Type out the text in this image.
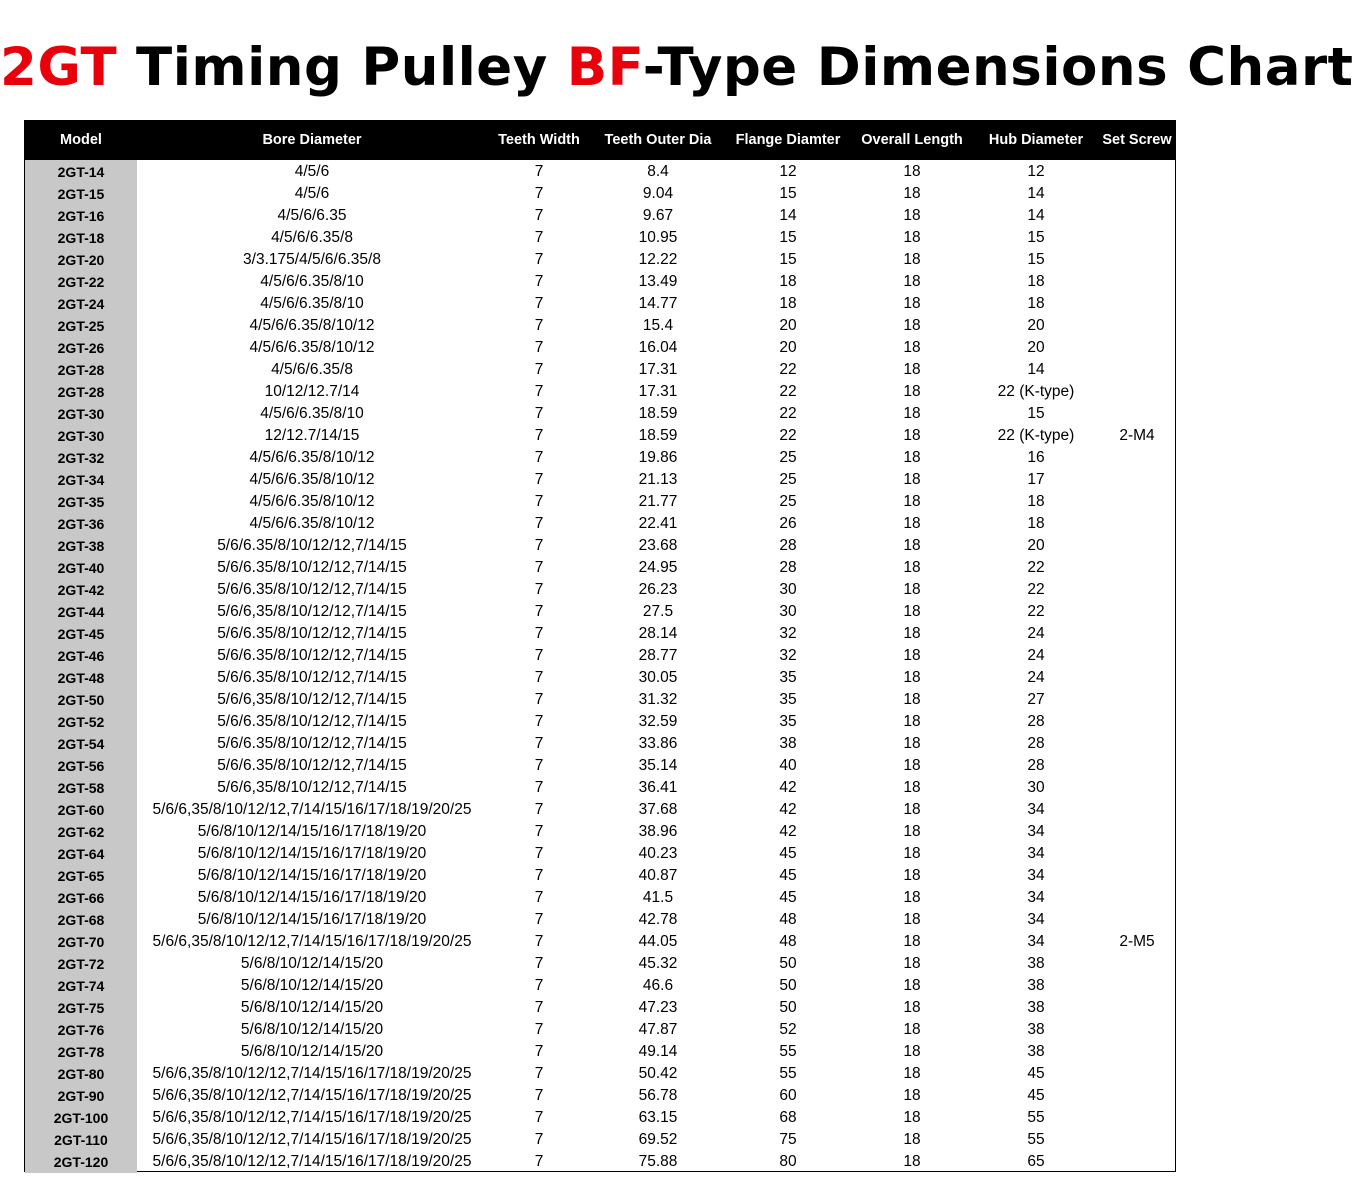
2GT Timing Pulley BF-Type Dimensions Chart
Model	Bore Diameter	Teeth Width	Teeth Outer Dia	Flange Diamter	Overall Length	Hub Diameter	Set Screw
2GT-14	4/5/6	7	8.4	12	18	12	
2GT-15	4/5/6	7	9.04	15	18	14	
2GT-16	4/5/6/6.35	7	9.67	14	18	14	
2GT-18	4/5/6/6.35/8	7	10.95	15	18	15	
2GT-20	3/3.175/4/5/6/6.35/8	7	12.22	15	18	15	
2GT-22	4/5/6/6.35/8/10	7	13.49	18	18	18	
2GT-24	4/5/6/6.35/8/10	7	14.77	18	18	18	
2GT-25	4/5/6/6.35/8/10/12	7	15.4	20	18	20	
2GT-26	4/5/6/6.35/8/10/12	7	16.04	20	18	20	
2GT-28	4/5/6/6.35/8	7	17.31	22	18	14	
2GT-28	10/12/12.7/14	7	17.31	22	18	22 (K-type)	
2GT-30	4/5/6/6.35/8/10	7	18.59	22	18	15	
2GT-30	12/12.7/14/15	7	18.59	22	18	22 (K-type)	2-M4
2GT-32	4/5/6/6.35/8/10/12	7	19.86	25	18	16	
2GT-34	4/5/6/6.35/8/10/12	7	21.13	25	18	17	
2GT-35	4/5/6/6.35/8/10/12	7	21.77	25	18	18	
2GT-36	4/5/6/6.35/8/10/12	7	22.41	26	18	18	
2GT-38	5/6/6.35/8/10/12/12,7/14/15	7	23.68	28	18	20	
2GT-40	5/6/6.35/8/10/12/12,7/14/15	7	24.95	28	18	22	
2GT-42	5/6/6.35/8/10/12/12,7/14/15	7	26.23	30	18	22	
2GT-44	5/6/6,35/8/10/12/12,7/14/15	7	27.5	30	18	22	
2GT-45	5/6/6.35/8/10/12/12,7/14/15	7	28.14	32	18	24	
2GT-46	5/6/6.35/8/10/12/12,7/14/15	7	28.77	32	18	24	
2GT-48	5/6/6.35/8/10/12/12,7/14/15	7	30.05	35	18	24	
2GT-50	5/6/6,35/8/10/12/12,7/14/15	7	31.32	35	18	27	
2GT-52	5/6/6.35/8/10/12/12,7/14/15	7	32.59	35	18	28	
2GT-54	5/6/6.35/8/10/12/12,7/14/15	7	33.86	38	18	28	
2GT-56	5/6/6.35/8/10/12/12,7/14/15	7	35.14	40	18	28	
2GT-58	5/6/6,35/8/10/12/12,7/14/15	7	36.41	42	18	30	
2GT-60	5/6/6,35/8/10/12/12,7/14/15/16/17/18/19/20/25	7	37.68	42	18	34	
2GT-62	5/6/8/10/12/14/15/16/17/18/19/20	7	38.96	42	18	34	
2GT-64	5/6/8/10/12/14/15/16/17/18/19/20	7	40.23	45	18	34	
2GT-65	5/6/8/10/12/14/15/16/17/18/19/20	7	40.87	45	18	34	
2GT-66	5/6/8/10/12/14/15/16/17/18/19/20	7	41.5	45	18	34	
2GT-68	5/6/8/10/12/14/15/16/17/18/19/20	7	42.78	48	18	34	
2GT-70	5/6/6,35/8/10/12/12,7/14/15/16/17/18/19/20/25	7	44.05	48	18	34	2-M5
2GT-72	5/6/8/10/12/14/15/20	7	45.32	50	18	38	
2GT-74	5/6/8/10/12/14/15/20	7	46.6	50	18	38	
2GT-75	5/6/8/10/12/14/15/20	7	47.23	50	18	38	
2GT-76	5/6/8/10/12/14/15/20	7	47.87	52	18	38	
2GT-78	5/6/8/10/12/14/15/20	7	49.14	55	18	38	
2GT-80	5/6/6,35/8/10/12/12,7/14/15/16/17/18/19/20/25	7	50.42	55	18	45	
2GT-90	5/6/6,35/8/10/12/12,7/14/15/16/17/18/19/20/25	7	56.78	60	18	45	
2GT-100	5/6/6,35/8/10/12/12,7/14/15/16/17/18/19/20/25	7	63.15	68	18	55	
2GT-110	5/6/6,35/8/10/12/12,7/14/15/16/17/18/19/20/25	7	69.52	75	18	55	
2GT-120	5/6/6,35/8/10/12/12,7/14/15/16/17/18/19/20/25	7	75.88	80	18	65	
